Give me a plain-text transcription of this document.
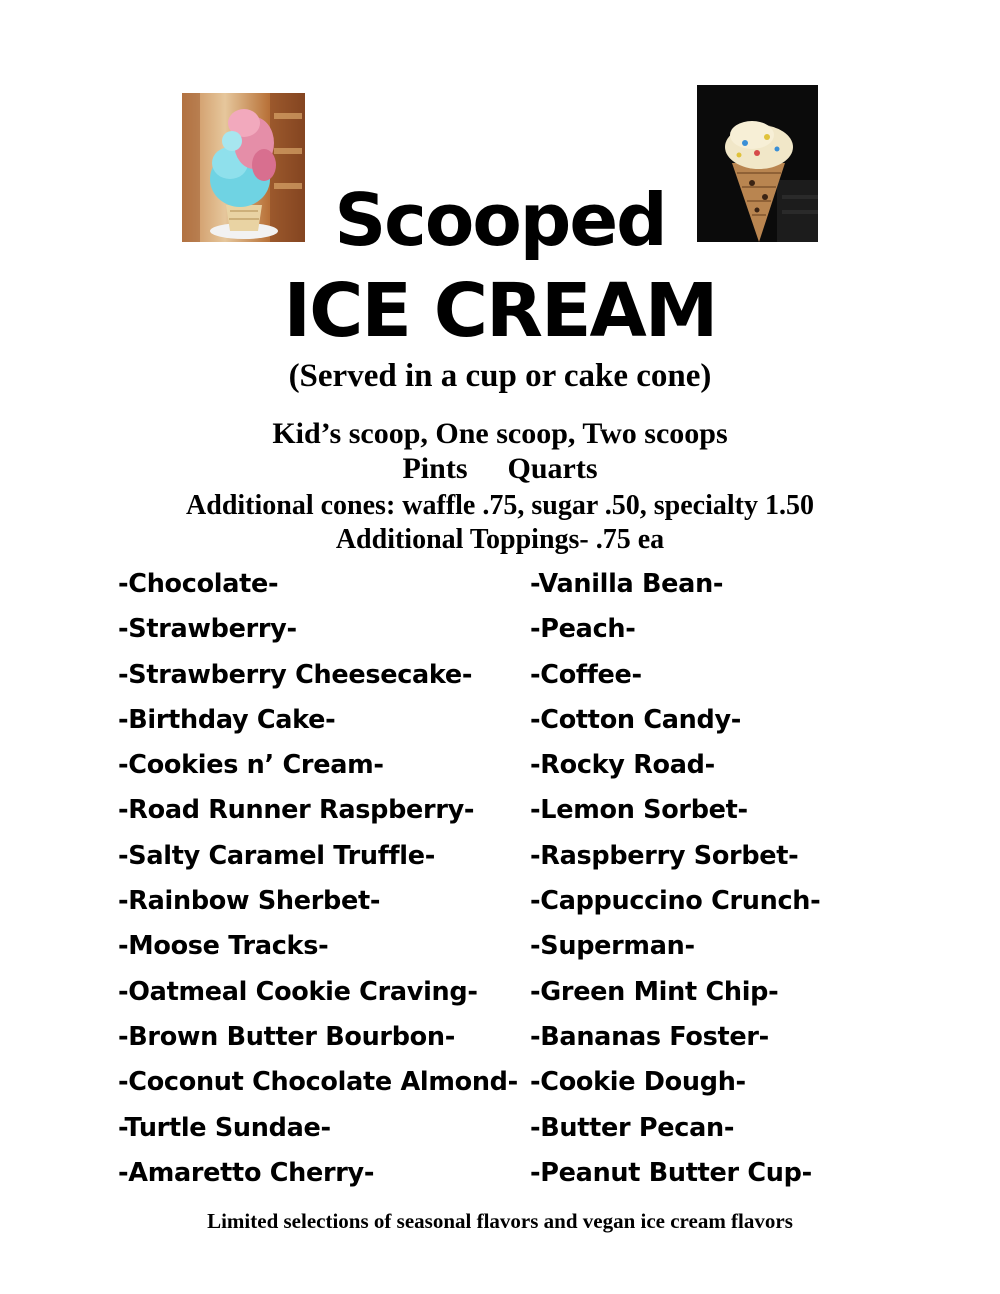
Scooped
ICE CREAM
(Served in a cup or cake cone)
Kid’s scoop, One scoop, Two scoops
Pints Quarts
Additional cones: waffle .75, sugar .50, specialty 1.50
Additional Toppings- .75 ea
-Chocolate-
-Strawberry-
-Strawberry Cheesecake-
-Birthday Cake-
-Cookies n’ Cream-
-Road Runner Raspberry-
-Salty Caramel Truffle-
-Rainbow Sherbet-
-Moose Tracks-
-Oatmeal Cookie Craving-
-Brown Butter Bourbon-
-Coconut Chocolate Almond-
-Turtle Sundae-
-Amaretto Cherry-
-Vanilla Bean-
-Peach-
-Coffee-
-Cotton Candy-
-Rocky Road-
-Lemon Sorbet-
-Raspberry Sorbet-
-Cappuccino Crunch-
-Superman-
-Green Mint Chip-
-Bananas Foster-
-Cookie Dough-
-Butter Pecan-
-Peanut Butter Cup-
Limited selections of seasonal flavors and vegan ice cream flavors
